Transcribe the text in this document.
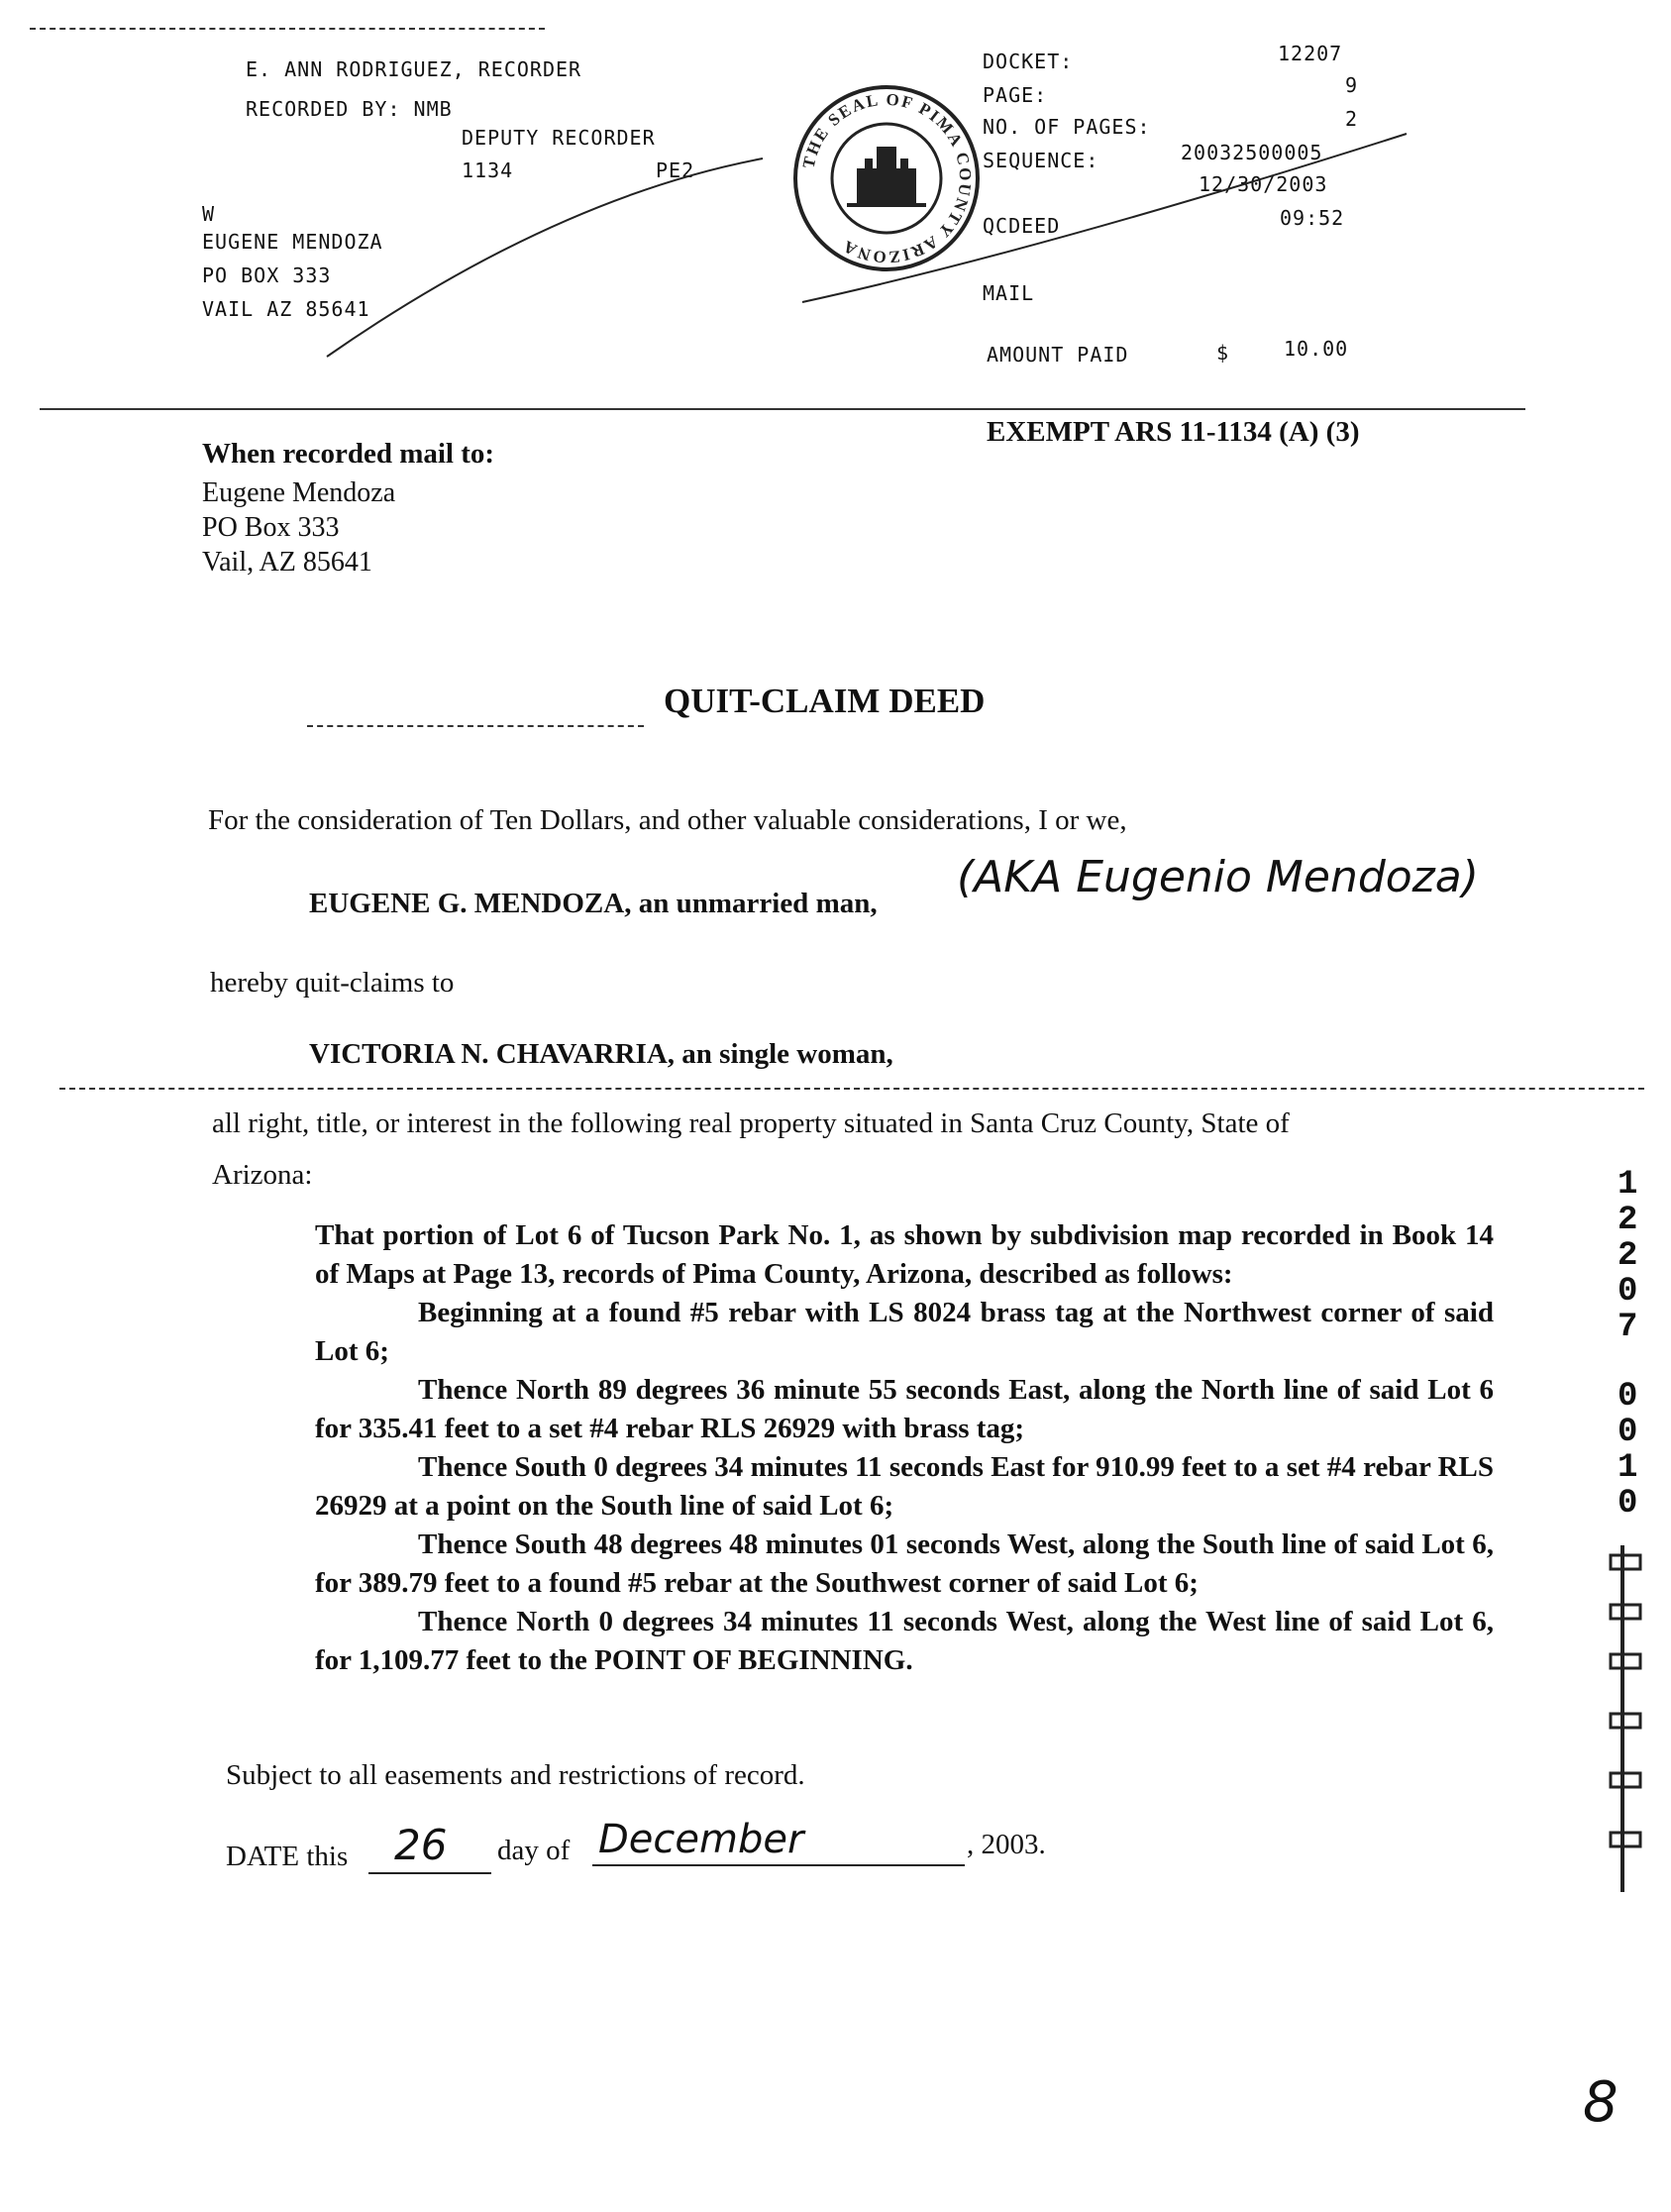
E. ANN RODRIGUEZ, RECORDER
RECORDED BY: NMB
DEPUTY RECORDER
1134	PE2
W
EUGENE MENDOZA
PO BOX 333
VAIL AZ 85641
THE SEAL OF PIMA COUNTY ARIZONA
DOCKET:	12207
PAGE:	9
NO. OF PAGES:	2
SEQUENCE:	20032500005
12/30/2003
QCDEED	09:52
MAIL
AMOUNT PAID	$	10.00
When recorded mail to:
Eugene Mendoza
PO Box 333
Vail, AZ 85641
EXEMPT ARS 11-1134 (A) (3)
QUIT-CLAIM DEED
For the consideration of Ten Dollars, and other valuable considerations, I or we,
EUGENE G. MENDOZA, an unmarried man,
(AKA Eugenio Mendoza)
hereby quit-claims to
VICTORIA N. CHAVARRIA, an single woman,
all right, title, or interest in the following real property situated in Santa Cruz County, State of
Arizona:

That portion of Lot 6 of Tucson Park No. 1, as shown by subdivision map recorded in Book 14 of Maps at Page 13, records of Pima County, Arizona, described as follows:

Beginning at a found #5 rebar with LS 8024 brass tag at the Northwest corner of said Lot 6;

Thence North 89 degrees 36 minute 55 seconds East, along the North line of said Lot 6 for 335.41 feet to a set #4 rebar RLS 26929 with brass tag;

Thence South 0 degrees 34 minutes 11 seconds East for 910.99 feet to a set #4 rebar RLS 26929 at a point on the South line of said Lot 6;

Thence South 48 degrees 48 minutes 01 seconds West, along the South line of said Lot 6, for 389.79 feet to a found #5 rebar at the Southwest corner of said Lot 6;

Thence North 0 degrees 34 minutes 11 seconds West, along the West line of said Lot 6, for 1,109.77 feet to the POINT OF BEGINNING.

Subject to all easements and restrictions of record.
DATE this 26 day of December	, 2003.
12207
0010
8
